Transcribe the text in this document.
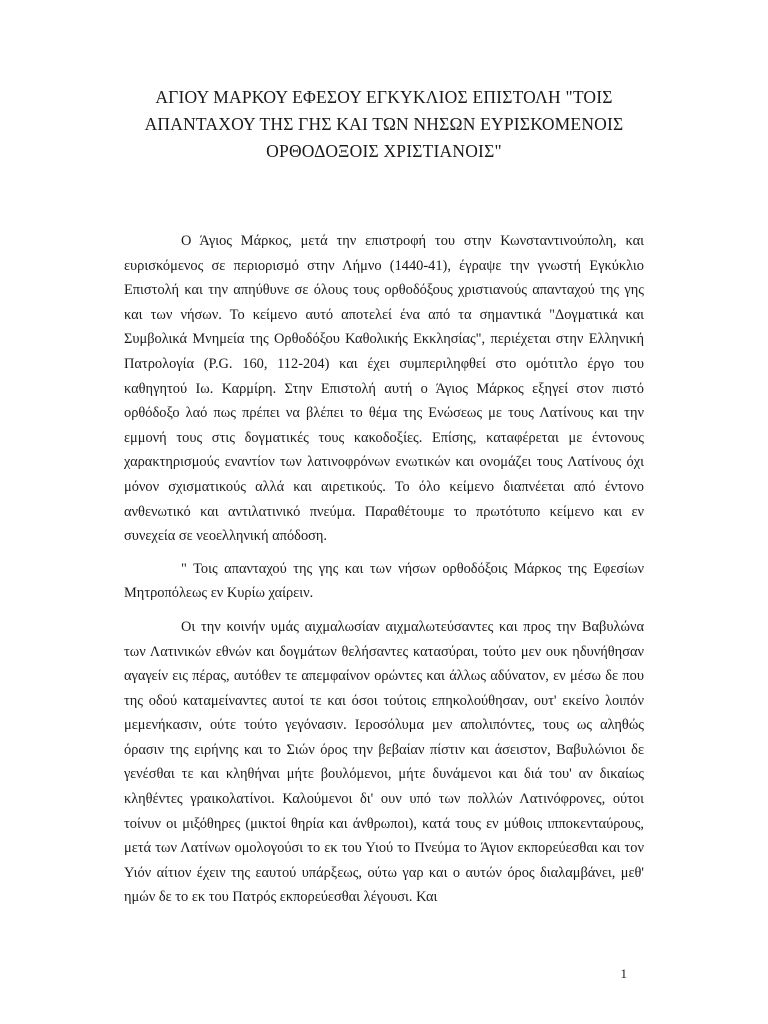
ΑΓΙΟΥ ΜΑΡΚΟΥ ΕΦΕΣΟΥ ΕΓΚΥΚΛΙΟΣ ΕΠΙΣΤΟΛΗ "ΤΟΙΣ
ΑΠΑΝΤΑΧΟΥ ΤΗΣ ΓΗΣ ΚΑΙ ΤΩΝ ΝΗΣΩΝ ΕΥΡΙΣΚΟΜΕΝΟΙΣ
ΟΡΘΟΔΟΞΟΙΣ ΧΡΙΣΤΙΑΝΟΙΣ"

Ο Άγιος Μάρκος, μετά την επιστροφή του στην Κωνσταντινούπολη, και ευρισκόμενος σε περιορισμό στην Λήμνο (1440-41), έγραψε την γνωστή Εγκύκλιο Επιστολή και την απηύθυνε σε όλους τους ορθοδόξους χριστιανούς απανταχού της γης και των νήσων. Το κείμενο αυτό αποτελεί ένα από τα σημαντικά "Δογματικά και Συμβολικά Μνημεία της Ορθοδόξου Καθολικής Εκκλησίας", περιέχεται στην Ελληνική Πατρολογία (P.G. 160, 112-204) και έχει συμπεριληφθεί στο ομότιτλο έργο του καθηγητού Ιω. Καρμίρη. Στην Επιστολή αυτή ο Άγιος Μάρκος εξηγεί στον πιστό ορθόδοξο λαό πως πρέπει να βλέπει το θέμα της Ενώσεως με τους Λατίνους και την εμμονή τους στις δογματικές τους κακοδοξίες. Επίσης, καταφέρεται με έντονους χαρακτηρισμούς εναντίον των λατινοφρόνων ενωτικών και ονομάζει τους Λατίνους όχι μόνον σχισματικούς αλλά και αιρετικούς. Το όλο κείμενο διαπνέεται από έντονο ανθενωτικό και αντιλατινικό πνεύμα. Παραθέτουμε το πρωτότυπο κείμενο και εν συνεχεία σε νεοελληνική απόδοση.

" Τοις απανταχού της γης και των νήσων ορθοδόξοις Μάρκος της Εφεσίων Μητροπόλεως εν Κυρίω χαίρειν.

Οι την κοινήν υμάς αιχμαλωσίαν αιχμαλωτεύσαντες και προς την Βαβυλώνα των Λατινικών εθνών και δογμάτων θελήσαντες κατασύραι, τούτο μεν ουκ ηδυνήθησαν αγαγείν εις πέρας, αυτόθεν τε απεμφαίνον ορώντες και άλλως αδύνατον, εν μέσω δε που της οδού καταμείναντες αυτοί τε και όσοι τούτοις επηκολούθησαν, ουτ' εκείνο λοιπόν μεμενήκασιν, ούτε τούτο γεγόνασιν. Ιεροσόλυμα μεν απολιπόντες, τους ως αληθώς όρασιν της ειρήνης και το Σιών όρος την βεβαίαν πίστιν και άσειστον, Βαβυλώνιοι δε γενέσθαι τε και κληθήναι μήτε βουλόμενοι, μήτε δυνάμενοι και διά του' αν δικαίως κληθέντες γραικολατίνοι. Καλούμενοι δι' ουν υπό των πολλών Λατινόφρονες, ούτοι τοίνυν οι μιξόθηρες (μικτοί θηρία και άνθρωποι), κατά τους εν μύθοις ιπποκενταύρους, μετά των Λατίνων ομολογούσι το εκ του Υιού το Πνεύμα το Άγιον εκπορεύεσθαι και τον Υιόν αίτιον έχειν της εαυτού υπάρξεως, ούτω γαρ και ο αυτών όρος διαλαμβάνει, μεθ' ημών δε το εκ του Πατρός εκπορεύεσθαι λέγουσι. Και

1
